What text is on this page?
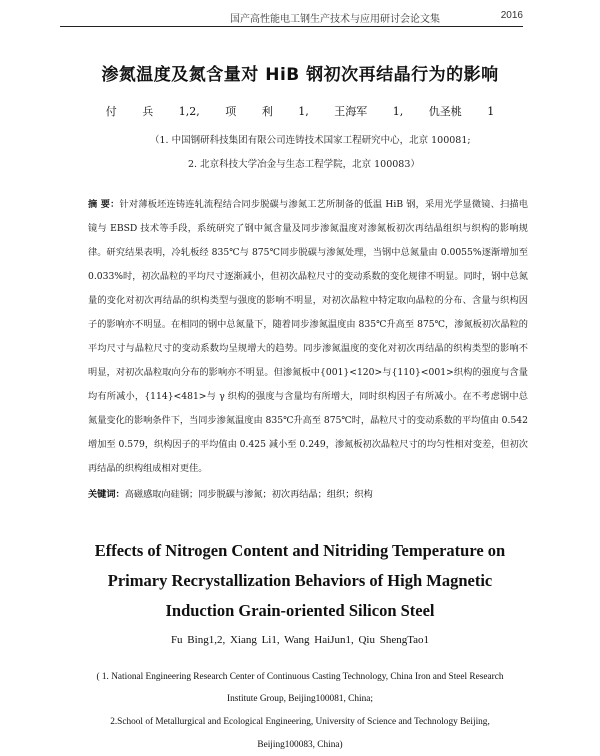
国产高性能电工钢生产技术与应用研讨会论文集	2016
渗氮温度及氮含量对 HiB 钢初次再结晶行为的影响
付 兵 1,2, 项 利 1, 王海军 1, 仇圣桃 1
（1. 中国钢研科技集团有限公司连铸技术国家工程研究中心，北京 100081;
2. 北京科技大学冶金与生态工程学院，北京 100083）
摘 要：针对薄板坯连铸连轧流程结合同步脱碳与渗氮工艺所制备的低温 HiB 钢，采用光学显微镜、扫描电镜与 EBSD 技术等手段，系统研究了钢中氮含量及同步渗氮温度对渗氮板初次再结晶组织与织构的影响规律。研究结果表明，冷轧板经 835℃与 875℃同步脱碳与渗氮处理，当钢中总氮量由 0.0055%逐渐增加至 0.033%时，初次晶粒的平均尺寸逐渐减小，但初次晶粒尺寸的变动系数的变化规律不明显。同时，钢中总氮量的变化对初次再结晶的织构类型与强度的影响不明显，对初次晶粒中特定取向晶粒的分布、含量与织构因子的影响亦不明显。在相同的钢中总氮量下，随着同步渗氮温度由 835℃升高至 875℃，渗氮板初次晶粒的平均尺寸与晶粒尺寸的变动系数均呈规增大的趋势。同步渗氮温度的变化对初次再结晶的织构类型的影响不明显，对初次晶粒取向分布的影响亦不明显。但渗氮板中{001}<120>与{110}<001>织构的强度与含量均有所减小，{114}<481>与 γ 织构的强度与含量均有所增大，同时织构因子有所减小。在不考虑钢中总氮量变化的影响条件下，当同步渗氮温度由 835℃升高至 875℃时，晶粒尺寸的变动系数的平均值由 0.542 增加至 0.579，织构因子的平均值由 0.425 减小至 0.249，渗氮板初次晶粒尺寸的均匀性相对变差，但初次再结晶的织构组成相对更佳。
关键词：高磁感取向硅钢；同步脱碳与渗氮；初次再结晶；组织；织构
Effects of Nitrogen Content and Nitriding Temperature on
Primary Recrystallization Behaviors of High Magnetic
Induction Grain-oriented Silicon Steel
Fu Bing1,2, Xiang Li1, Wang HaiJun1, Qiu ShengTao1
( 1. National Engineering Research Center of Continuous Casting Technology, China Iron and Steel Research
Institute Group, Beijing100081, China;
2.School of Metallurgical and Ecological Engineering, University of Science and Technology Beijing,
Beijing100083, China)
